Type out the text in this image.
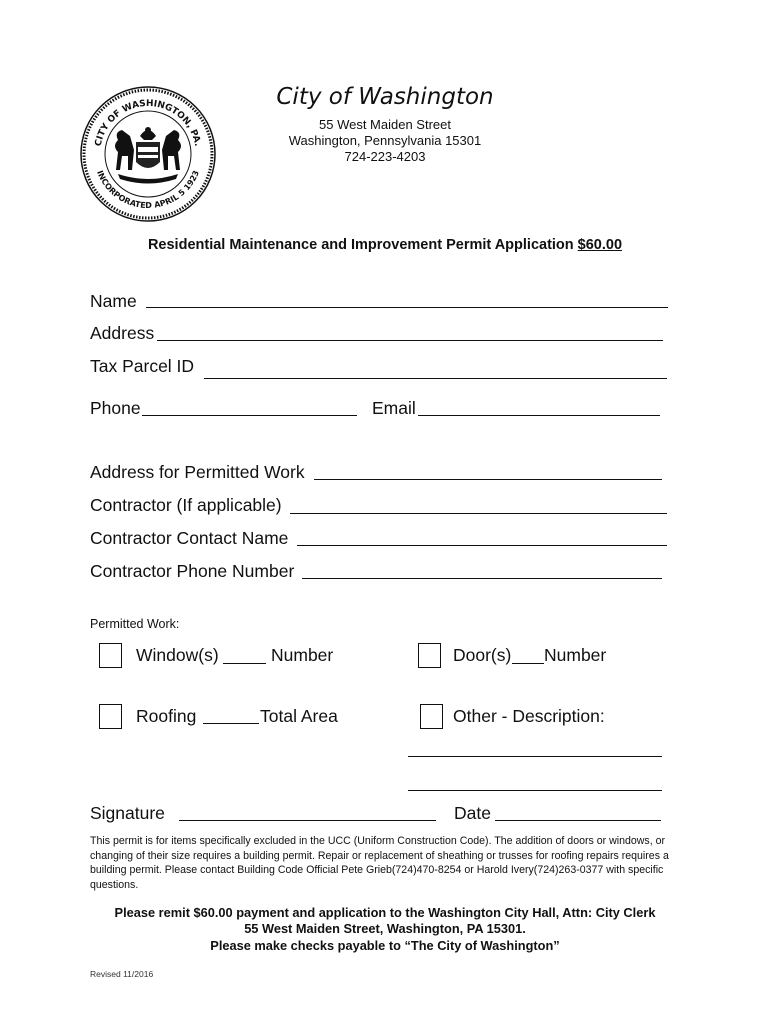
CITY OF WASHINGTON, PA.
INCORPORATED APRIL 5 1923
City of Washington
55 West Maiden Street
Washington, Pennsylvania 15301
724-223-4203
Residential Maintenance and Improvement Permit Application $60.00
Name
Address
Tax Parcel ID
Phone	Email
Address for Permitted Work
Contractor (If applicable)
Contractor Contact Name
Contractor Phone Number
Permitted Work:
Window(s)	Number	Door(s) Number
Roofing	Total Area	Other - Description:
Signature	Date
This permit is for items specifically excluded in the UCC (Uniform Construction Code). The addition of doors or windows, or changing of their size requires a building permit. Repair or replacement of sheathing or trusses for roofing repairs requires a building permit. Please contact Building Code Official Pete Grieb(724)470-8254 or Harold Ivery(724)263-0377 with specific questions.
Please remit $60.00 payment and application to the Washington City Hall, Attn: City Clerk
55 West Maiden Street, Washington, PA 15301.
Please make checks payable to “The City of Washington”
Revised 11/2016
